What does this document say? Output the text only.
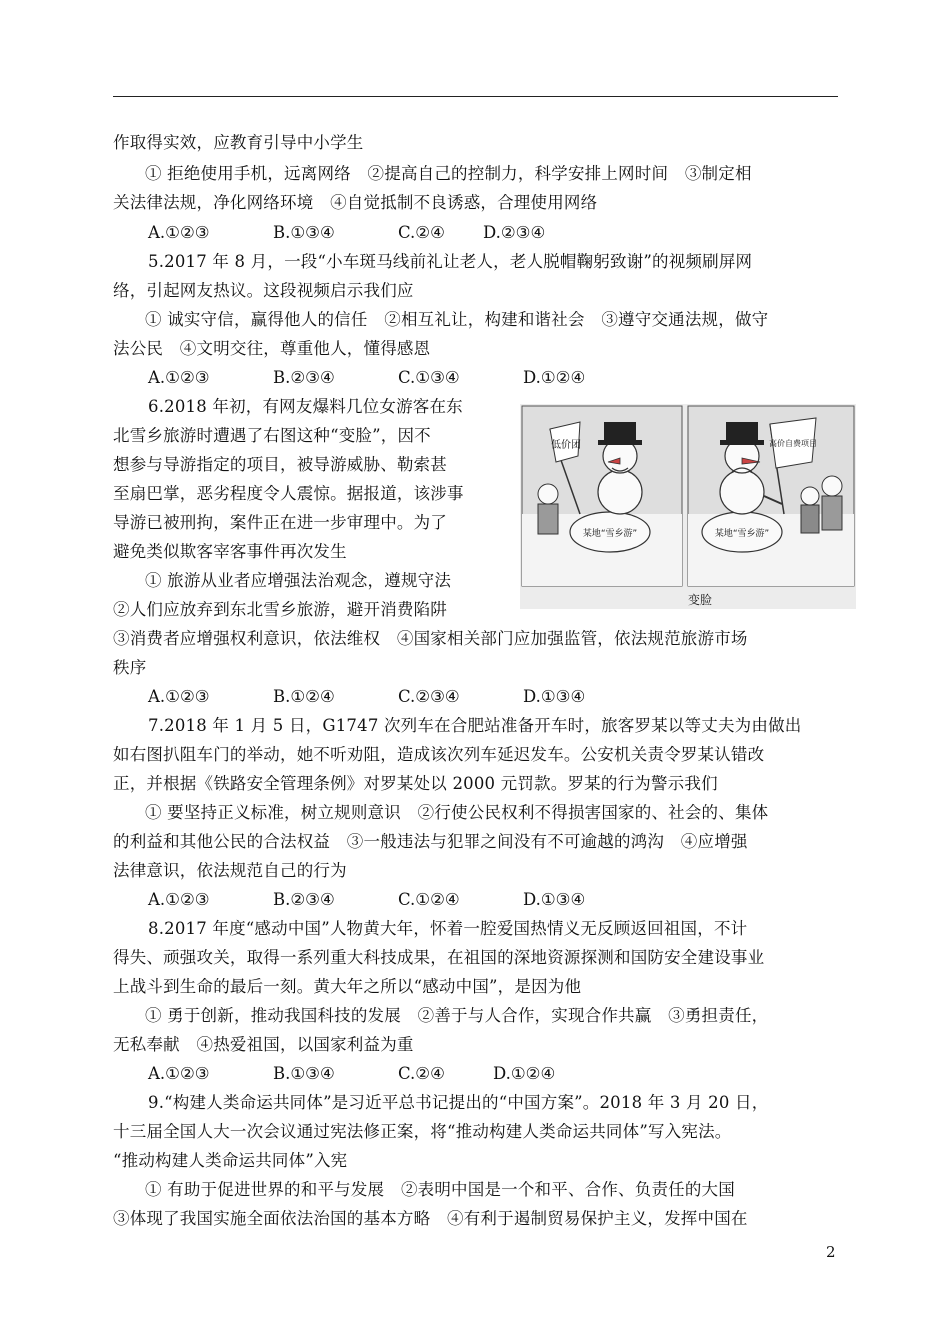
作取得实效，应教育引导中小学生
① 拒绝使用手机，远离网络　②提高自己的控制力，科学安排上网时间　③制定相
关法律法规，净化网络环境　④自觉抵制不良诱惑，合理使用网络
A.①②③	B.①③④	C.②④ D.②③④
5.2017 年 8 月，一段“小车斑马线前礼让老人，老人脱帽鞠躬致谢”的视频刷屏网
络，引起网友热议。这段视频启示我们应
① 诚实守信，赢得他人的信任　②相互礼让，构建和谐社会　③遵守交通法规，做守
法公民　④文明交往，尊重他人，懂得感恩
A.①②③	B.②③④	C.①③④	D.①②④
6.2018 年初，有网友爆料几位女游客在东
北雪乡旅游时遭遇了右图这种“变脸”，因不
想参与导游指定的项目，被导游威胁、勒索甚
至扇巴掌，恶劣程度令人震惊。据报道，该涉事
导游已被刑拘，案件正在进一步审理中。为了
避免类似欺客宰客事件再次发生
① 旅游从业者应增强法治观念，遵规守法
②人们应放弃到东北雪乡旅游，避开消费陷阱
③消费者应增强权利意识，依法维权　④国家相关部门应加强监管，依法规范旅游市场
秩序
A.①②③	B.①②④	C.②③④	D.①③④
低价团
某地“雪乡游”
高价自费项目
某地“雪乡游”
变脸
7.2018 年 1 月 5 日，G1747 次列车在合肥站准备开车时，旅客罗某以等丈夫为由做出
如右图扒阻车门的举动，她不听劝阻，造成该次列车延迟发车。公安机关责令罗某认错改
正，并根据《铁路安全管理条例》对罗某处以 2000 元罚款。罗某的行为警示我们
① 要坚持正义标准，树立规则意识　②行使公民权利不得损害国家的、社会的、集体
的利益和其他公民的合法权益　③一般违法与犯罪之间没有不可逾越的鸿沟　④应增强
法律意识，依法规范自己的行为
A.①②③	B.②③④	C.①②④	D.①③④
8.2017 年度“感动中国”人物黄大年，怀着一腔爱国热情义无反顾返回祖国，不计
得失、顽强攻关，取得一系列重大科技成果，在祖国的深地资源探测和国防安全建设事业
上战斗到生命的最后一刻。黄大年之所以“感动中国”，是因为他
① 勇于创新，推动我国科技的发展　②善于与人合作，实现合作共赢　③勇担责任，
无私奉献　④热爱祖国，以国家利益为重
A.①②③	B.①③④	C.②④	D.①②④
9.“构建人类命运共同体”是习近平总书记提出的“中国方案”。2018 年 3 月 20 日，
十三届全国人大一次会议通过宪法修正案，将“推动构建人类命运共同体”写入宪法。
“推动构建人类命运共同体”入宪
① 有助于促进世界的和平与发展　②表明中国是一个和平、合作、负责任的大国
③体现了我国实施全面依法治国的基本方略　④有利于遏制贸易保护主义，发挥中国在
2
